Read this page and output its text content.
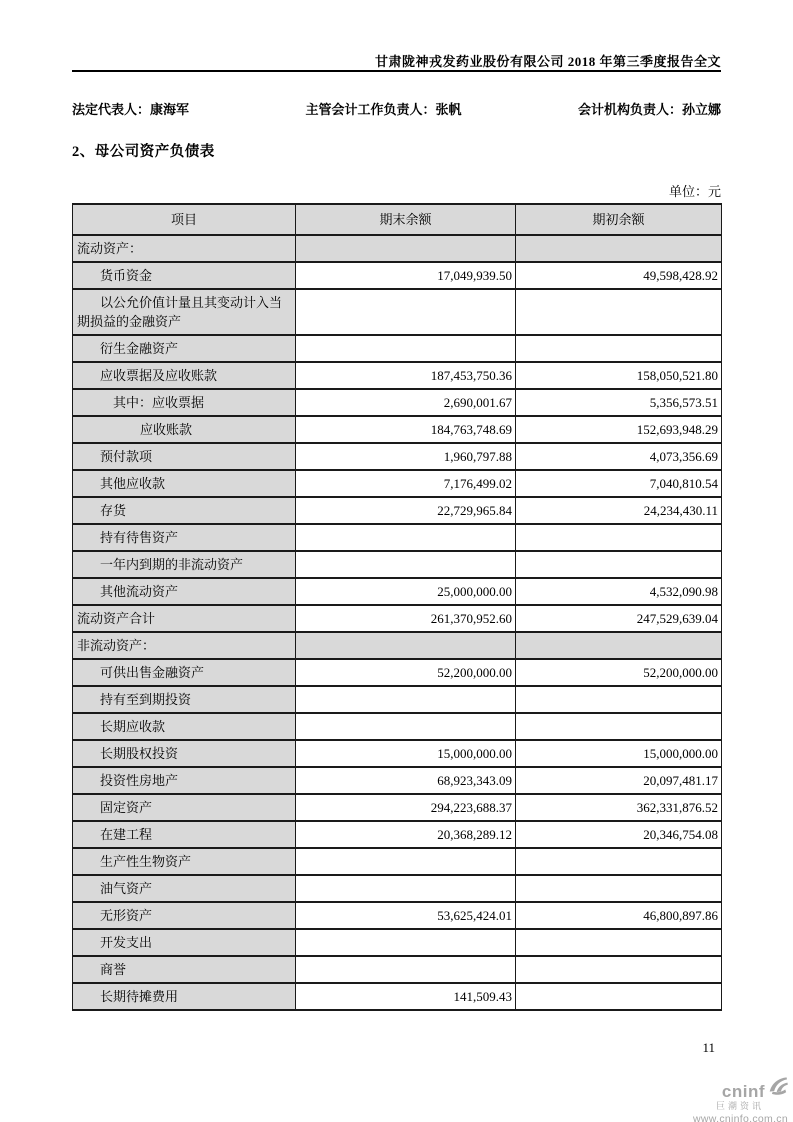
甘肃陇神戎发药业股份有限公司 2018 年第三季度报告全文
法定代表人：康海军	主管会计工作负责人：张帆	会计机构负责人：孙立娜
2、母公司资产负债表
单位：元
项目	期末余额	期初余额
流动资产：		
货币资金	17,049,939.50	49,598,428.92
以公允价值计量且其变动计入当期损益的金融资产		
衍生金融资产		
应收票据及应收账款	187,453,750.36	158,050,521.80
其中：应收票据	2,690,001.67	5,356,573.51
应收账款	184,763,748.69	152,693,948.29
预付款项	1,960,797.88	4,073,356.69
其他应收款	7,176,499.02	7,040,810.54
存货	22,729,965.84	24,234,430.11
持有待售资产		
一年内到期的非流动资产		
其他流动资产	25,000,000.00	4,532,090.98
流动资产合计	261,370,952.60	247,529,639.04
非流动资产：		
可供出售金融资产	52,200,000.00	52,200,000.00
持有至到期投资		
长期应收款		
长期股权投资	15,000,000.00	15,000,000.00
投资性房地产	68,923,343.09	20,097,481.17
固定资产	294,223,688.37	362,331,876.52
在建工程	20,368,289.12	20,346,754.08
生产性生物资产		
油气资产		
无形资产	53,625,424.01	46,800,897.86
开发支出		
商誉		
长期待摊费用	141,509.43	
11
cninf
巨潮资讯
www.cninfo.com.cn
